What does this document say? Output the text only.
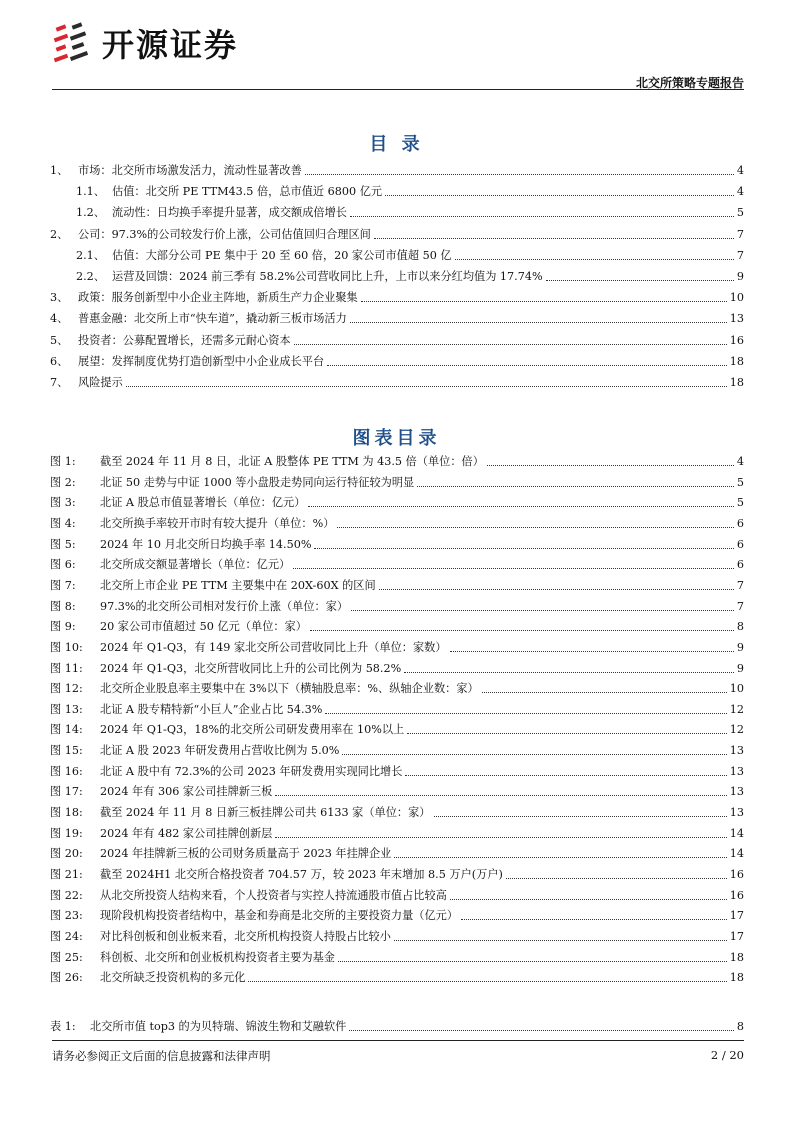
开源证券
北交所策略专题报告
目 录
1、 市场：北交所市场激发活力，流动性显著改善	4
1.1、 估值：北交所 PE TTM43.5 倍，总市值近 6800 亿元	4
1.2、 流动性：日均换手率提升显著，成交额成倍增长	5
2、 公司：97.3%的公司较发行价上涨，公司估值回归合理区间	7
2.1、 估值：大部分公司 PE 集中于 20 至 60 倍，20 家公司市值超 50 亿	7
2.2、 运营及回馈：2024 前三季有 58.2%公司营收同比上升，上市以来分红均值为 17.74%	9
3、 政策：服务创新型中小企业主阵地，新质生产力企业聚集	10
4、 普惠金融：北交所上市“快车道”，撬动新三板市场活力	13
5、 投资者：公募配置增长，还需多元耐心资本	16
6、 展望：发挥制度优势打造创新型中小企业成长平台	18
7、 风险提示	18
图表目录
图 1:	截至 2024 年 11 月 8 日，北证 A 股整体 PE TTM 为 43.5 倍（单位：倍）	4
图 2:	北证 50 走势与中证 1000 等小盘股走势同向运行特征较为明显	5
图 3:	北证 A 股总市值显著增长（单位：亿元）	5
图 4:	北交所换手率较开市时有较大提升（单位：%）	6
图 5:	2024 年 10 月北交所日均换手率 14.50%	6
图 6:	北交所成交额显著增长（单位：亿元）	6
图 7:	北交所上市企业 PE TTM 主要集中在 20X-60X 的区间	7
图 8:	97.3%的北交所公司相对发行价上涨（单位：家）	7
图 9:	20 家公司市值超过 50 亿元（单位：家）	8
图 10:	2024 年 Q1-Q3，有 149 家北交所公司营收同比上升（单位：家数）	9
图 11:	2024 年 Q1-Q3，北交所营收同比上升的公司比例为 58.2%	9
图 12:	北交所企业股息率主要集中在 3%以下（横轴股息率：%、纵轴企业数：家）	10
图 13:	北证 A 股专精特新“小巨人”企业占比 54.3%	12
图 14:	2024 年 Q1-Q3，18%的北交所公司研发费用率在 10%以上	12
图 15:	北证 A 股 2023 年研发费用占营收比例为 5.0%	13
图 16:	北证 A 股中有 72.3%的公司 2023 年研发费用实现同比增长	13
图 17:	2024 年有 306 家公司挂牌新三板	13
图 18:	截至 2024 年 11 月 8 日新三板挂牌公司共 6133 家（单位：家）	13
图 19:	2024 年有 482 家公司挂牌创新层	14
图 20:	2024 年挂牌新三板的公司财务质量高于 2023 年挂牌企业	14
图 21:	截至 2024H1 北交所合格投资者 704.57 万，较 2023 年末增加 8.5 万户(万户)	16
图 22:	从北交所投资人结构来看，个人投资者与实控人持流通股市值占比较高	16
图 23:	现阶段机构投资者结构中，基金和券商是北交所的主要投资力量（亿元）	17
图 24:	对比科创板和创业板来看，北交所机构投资人持股占比较小	17
图 25:	科创板、北交所和创业板机构投资者主要为基金	18
图 26:	北交所缺乏投资机构的多元化	18
表 1:	北交所市值 top3 的为贝特瑞、锦波生物和艾融软件	8
请务必参阅正文后面的信息披露和法律声明	2 / 20
